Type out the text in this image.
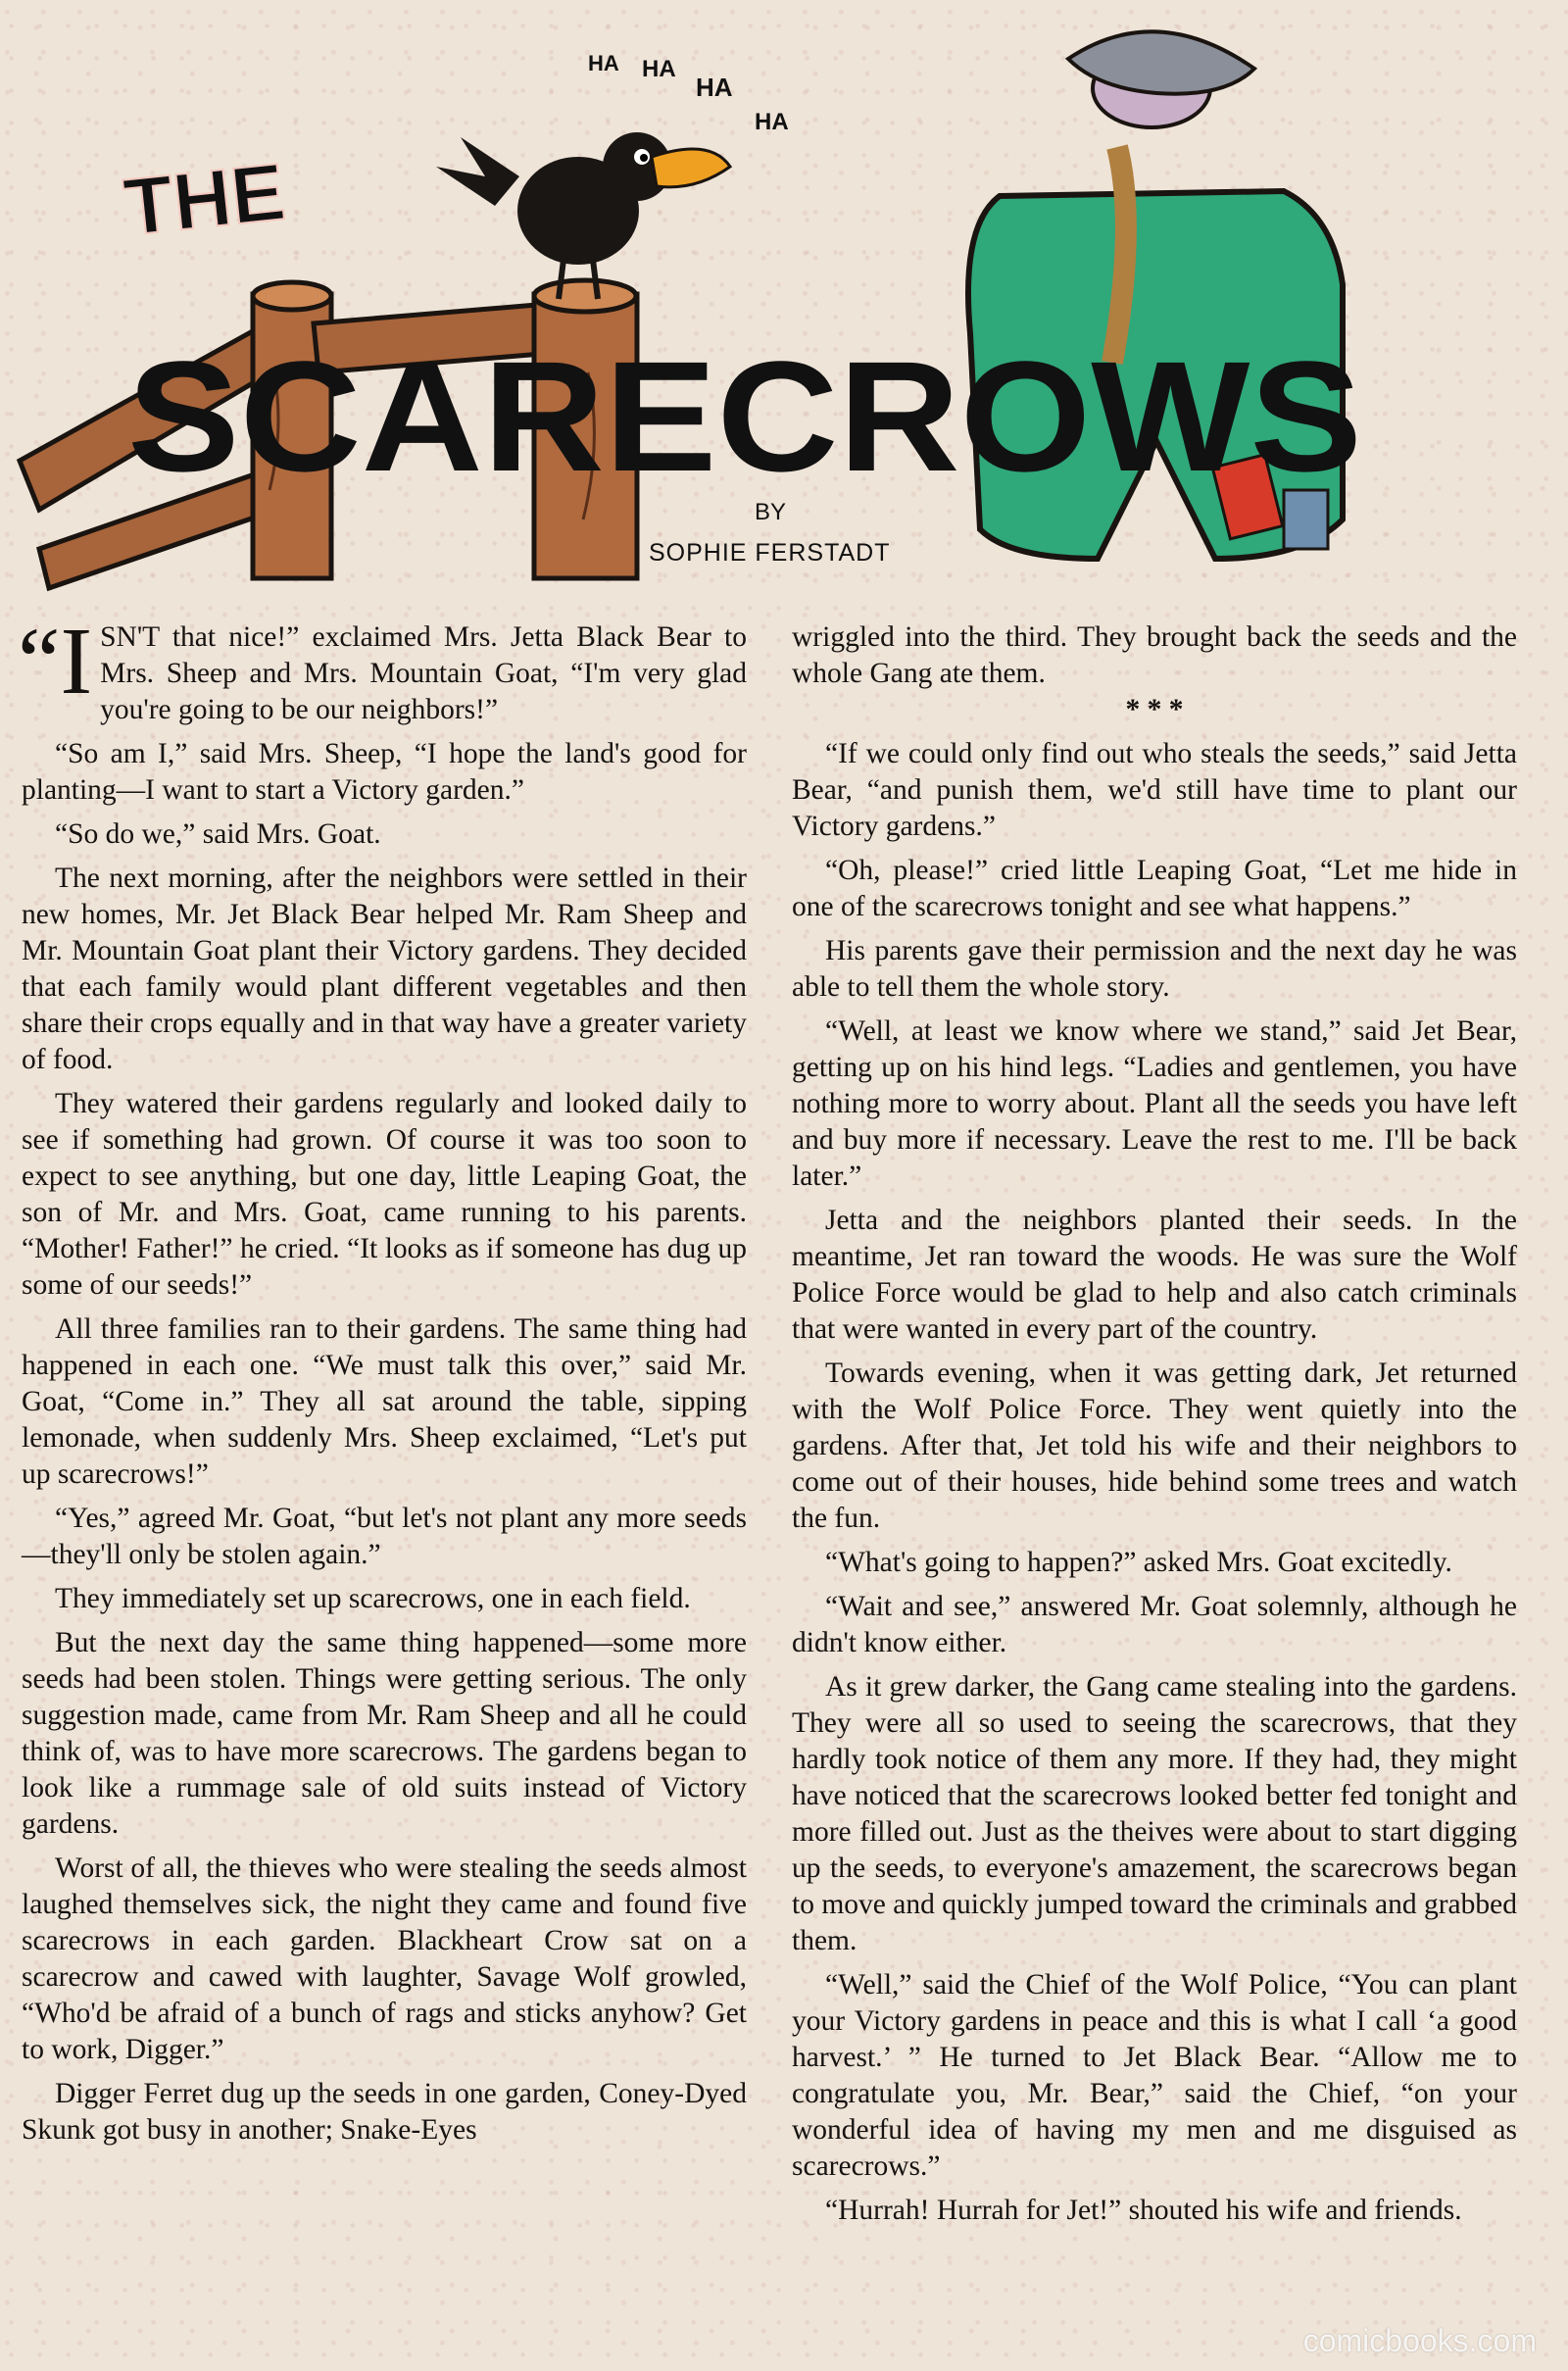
HA HA
HA
HA
THE
SCARECROWS
BY
SOPHIE FERSTADT

“ISN'T that nice!” exclaimed Mrs. Jetta Black Bear to Mrs. Sheep and Mrs. Mountain Goat, “I'm very glad you're going to be our neighbors!”

“So am I,” said Mrs. Sheep, “I hope the land's good for planting—I want to start a Victory garden.”

“So do we,” said Mrs. Goat.

The next morning, after the neighbors were settled in their new homes, Mr. Jet Black Bear helped Mr. Ram Sheep and Mr. Mountain Goat plant their Victory gardens. They decided that each family would plant different vegetables and then share their crops equally and in that way have a greater variety of food.

They watered their gardens regularly and looked daily to see if something had grown. Of course it was too soon to expect to see anything, but one day, little Leaping Goat, the son of Mr. and Mrs. Goat, came running to his parents. “Mother! Father!” he cried. “It looks as if someone has dug up some of our seeds!”

All three families ran to their gardens. The same thing had happened in each one. “We must talk this over,” said Mr. Goat, “Come in.” They all sat around the table, sipping lemonade, when suddenly Mrs. Sheep exclaimed, “Let's put up scarecrows!”

“Yes,” agreed Mr. Goat, “but let's not plant any more seeds—they'll only be stolen again.”

They immediately set up scarecrows, one in each field.

But the next day the same thing happened—some more seeds had been stolen. Things were getting serious. The only suggestion made, came from Mr. Ram Sheep and all he could think of, was to have more scarecrows. The gardens began to look like a rummage sale of old suits instead of Victory gardens.

Worst of all, the thieves who were stealing the seeds almost laughed themselves sick, the night they came and found five scarecrows in each garden. Blackheart Crow sat on a scarecrow and cawed with laughter, Savage Wolf growled, “Who'd be afraid of a bunch of rags and sticks anyhow? Get to work, Digger.”

Digger Ferret dug up the seeds in one garden, Coney-Dyed Skunk got busy in another; Snake-Eyes

wriggled into the third. They brought back the seeds and the whole Gang ate them.

* * *

“If we could only find out who steals the seeds,” said Jetta Bear, “and punish them, we'd still have time to plant our Victory gardens.”

“Oh, please!” cried little Leaping Goat, “Let me hide in one of the scarecrows tonight and see what happens.”

His parents gave their permission and the next day he was able to tell them the whole story.

“Well, at least we know where we stand,” said Jet Bear, getting up on his hind legs. “Ladies and gentlemen, you have nothing more to worry about. Plant all the seeds you have left and buy more if necessary. Leave the rest to me. I'll be back later.”

Jetta and the neighbors planted their seeds. In the meantime, Jet ran toward the woods. He was sure the Wolf Police Force would be glad to help and also catch criminals that were wanted in every part of the country.

Towards evening, when it was getting dark, Jet returned with the Wolf Police Force. They went quietly into the gardens. After that, Jet told his wife and their neighbors to come out of their houses, hide behind some trees and watch the fun.

“What's going to happen?” asked Mrs. Goat excitedly.

“Wait and see,” answered Mr. Goat solemnly, although he didn't know either.

As it grew darker, the Gang came stealing into the gardens. They were all so used to seeing the scarecrows, that they hardly took notice of them any more. If they had, they might have noticed that the scarecrows looked better fed tonight and more filled out. Just as the theives were about to start digging up the seeds, to everyone's amazement, the scarecrows began to move and quickly jumped toward the criminals and grabbed them.

“Well,” said the Chief of the Wolf Police, “You can plant your Victory gardens in peace and this is what I call ‘a good harvest.’ ” He turned to Jet Black Bear. “Allow me to congratulate you, Mr. Bear,” said the Chief, “on your wonderful idea of having my men and me disguised as scarecrows.”

“Hurrah! Hurrah for Jet!” shouted his wife and friends.

comicbooks.com
